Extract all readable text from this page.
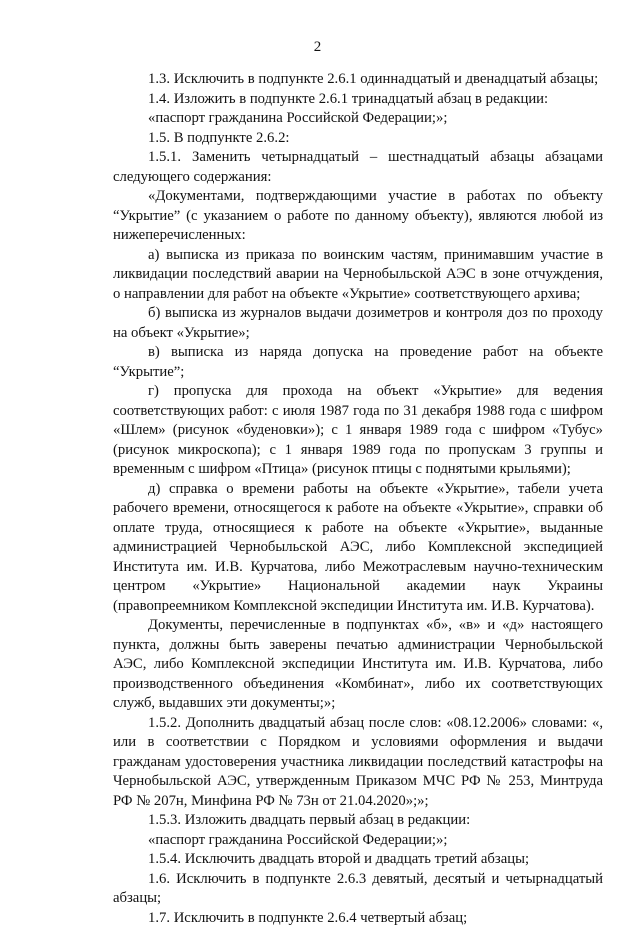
2

1.3. Исключить в подпункте 2.6.1 одиннадцатый и двенадцатый абзацы;

1.4. Изложить в подпункте 2.6.1 тринадцатый абзац в редакции:

«паспорт гражданина Российской Федерации;»;

1.5. В подпункте 2.6.2:

1.5.1. Заменить четырнадцатый – шестнадцатый абзацы абзацами следующего содержания:

«Документами, подтверждающими участие в работах по объекту “Укрытие” (с указанием о работе по данному объекту), являются любой из нижеперечисленных:

а) выписка из приказа по воинским частям, принимавшим участие в ликвидации последствий аварии на Чернобыльской АЭС в зоне отчуждения, о направлении для работ на объекте «Укрытие» соответствующего архива;

б) выписка из журналов выдачи дозиметров и контроля доз по проходу на объект «Укрытие»;

в) выписка из наряда допуска на проведение работ на объекте “Укрытие”;

г) пропуска для прохода на объект «Укрытие» для ведения соответствующих работ: с июля 1987 года по 31 декабря 1988 года с шифром «Шлем» (рисунок «буденовки»); с 1 января 1989 года с шифром «Тубус» (рисунок микроскопа); с 1 января 1989 года по пропускам 3 группы и временным с шифром «Птица» (рисунок птицы с поднятыми крыльями);

д) справка о времени работы на объекте «Укрытие», табели учета рабочего времени, относящегося к работе на объекте «Укрытие», справки об оплате труда, относящиеся к работе на объекте «Укрытие», выданные администрацией Чернобыльской АЭС, либо Комплексной экспедицией Института им. И.В. Курчатова, либо Межотраслевым научно-техническим центром «Укрытие» Национальной академии наук Украины (правопреемником Комплексной экспедиции Института им. И.В. Курчатова).

Документы, перечисленные в подпунктах «б», «в» и «д» настоящего пункта, должны быть заверены печатью администрации Чернобыльской АЭС, либо Комплексной экспедиции Института им. И.В. Курчатова, либо производственного объединения «Комбинат», либо их соответствующих служб, выдавших эти документы;»;

1.5.2. Дополнить двадцатый абзац после слов: «08.12.2006» словами: «, или в соответствии с Порядком и условиями оформления и выдачи гражданам удостоверения участника ликвидации последствий катастрофы на Чернобыльской АЭС, утвержденным Приказом МЧС РФ № 253, Минтруда РФ № 207н, Минфина РФ № 73н от 21.04.2020»;»;

1.5.3. Изложить двадцать первый абзац в редакции:

«паспорт гражданина Российской Федерации;»;

1.5.4. Исключить двадцать второй и двадцать третий абзацы;

1.6. Исключить в подпункте 2.6.3 девятый, десятый и четырнадцатый абзацы;

1.7. Исключить в подпункте 2.6.4 четвертый абзац;
